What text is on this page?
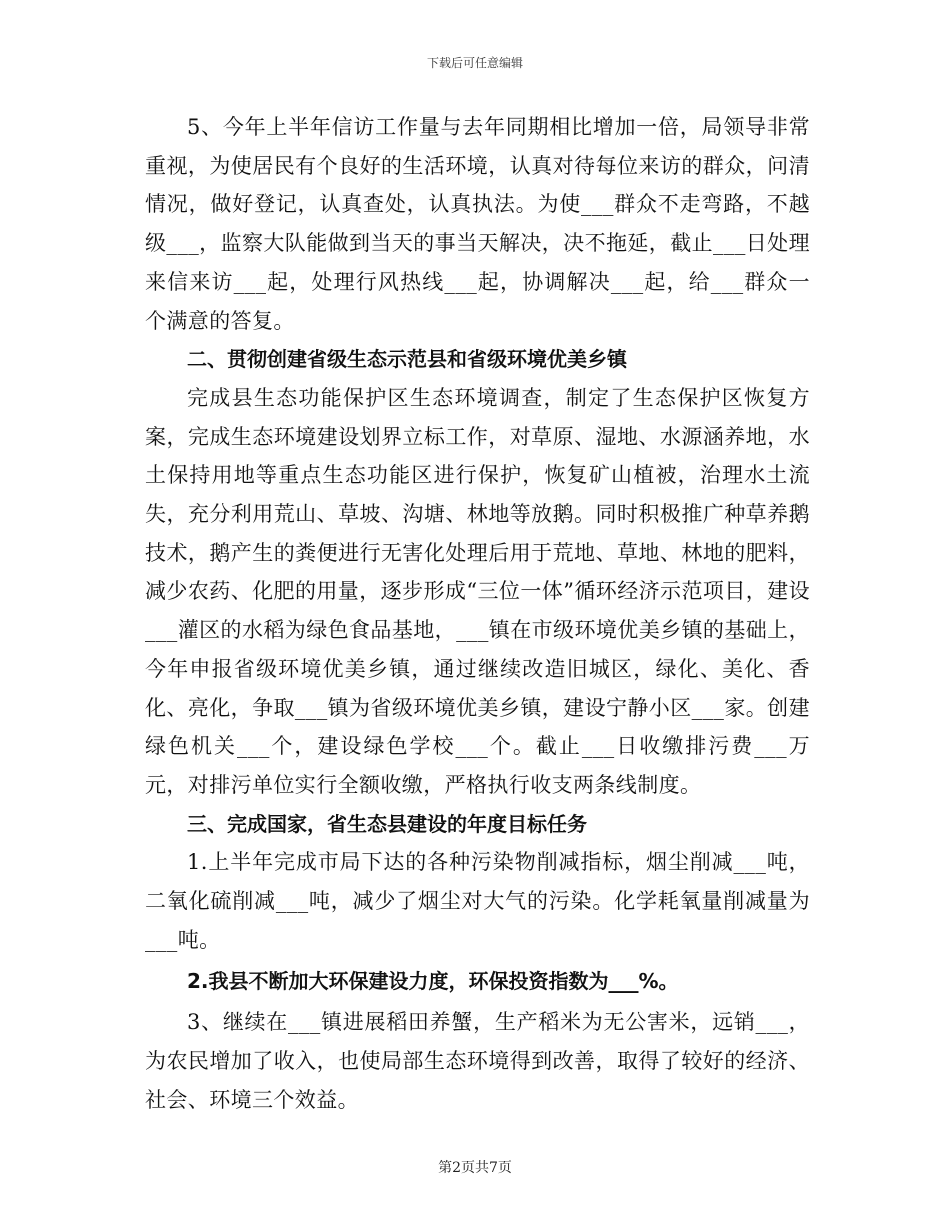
下载后可任意编辑

5、今年上半年信访工作量与去年同期相比增加一倍，局领导非常重视，为使居民有个良好的生活环境，认真对待每位来访的群众，问清情况，做好登记，认真查处，认真执法。为使___群众不走弯路，不越级___，监察大队能做到当天的事当天解决，决不拖延，截止___日处理来信来访___起，处理行风热线___起，协调解决___起，给___群众一个满意的答复。

二、贯彻创建省级生态示范县和省级环境优美乡镇

完成县生态功能保护区生态环境调查，制定了生态保护区恢复方案，完成生态环境建设划界立标工作，对草原、湿地、水源涵养地，水土保持用地等重点生态功能区进行保护，恢复矿山植被，治理水土流失，充分利用荒山、草坡、沟塘、林地等放鹅。同时积极推广种草养鹅技术，鹅产生的粪便进行无害化处理后用于荒地、草地、林地的肥料，减少农药、化肥的用量，逐步形成“三位一体”循环经济示范项目，建设___灌区的水稻为绿色食品基地，___镇在市级环境优美乡镇的基础上，今年申报省级环境优美乡镇，通过继续改造旧城区，绿化、美化、香化、亮化，争取___镇为省级环境优美乡镇，建设宁静小区___家。创建绿色机关___个，建设绿色学校___个。截止___日收缴排污费___万元，对排污单位实行全额收缴，严格执行收支两条线制度。

三、完成国家，省生态县建设的年度目标任务

1.上半年完成市局下达的各种污染物削减指标，烟尘削减___吨，二氧化硫削减___吨，减少了烟尘对大气的污染。化学耗氧量削减量为___吨。

2.我县不断加大环保建设力度，环保投资指数为___%。

3、继续在___镇进展稻田养蟹，生产稻米为无公害米，远销___，为农民增加了收入，也使局部生态环境得到改善，取得了较好的经济、社会、环境三个效益。

第2页共7页
